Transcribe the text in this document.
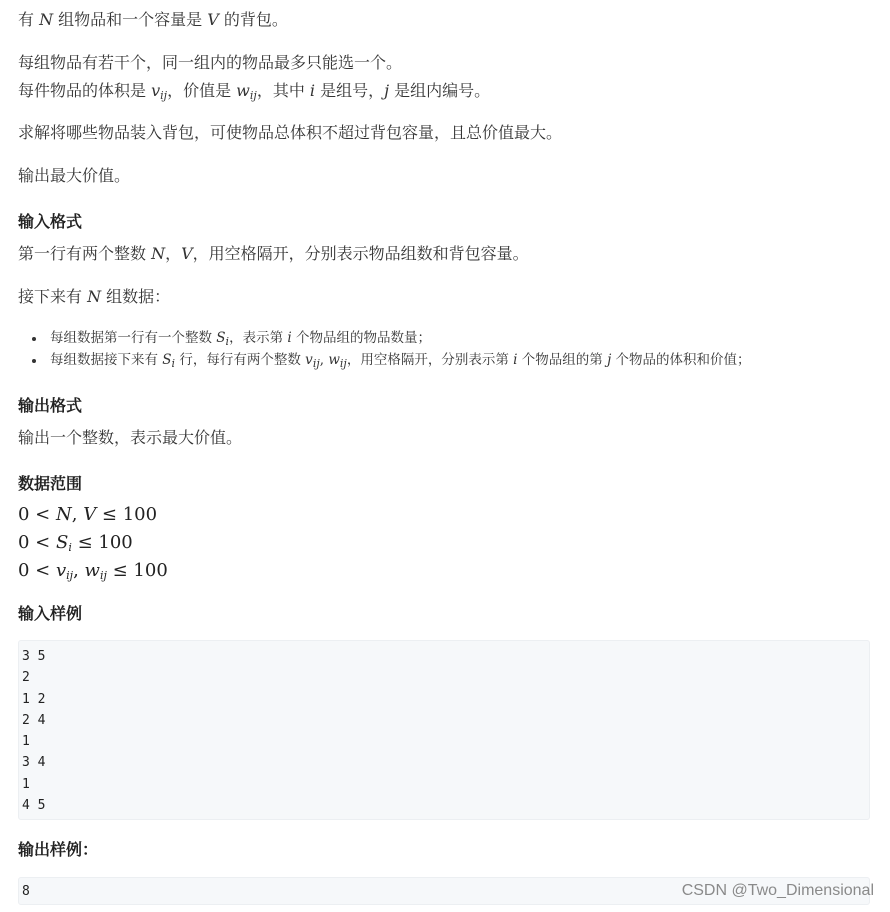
有 N 组物品和一个容量是 V 的背包。

每组物品有若干个，同一组内的物品最多只能选一个。

每件物品的体积是 $v_{ij}$，价值是 $w_{ij}$，其中 i 是组号，j 是组内编号。

求解将哪些物品装入背包，可使物品总体积不超过背包容量，且总价值最大。

输出最大价值。

输入格式

第一行有两个整数 N，V，用空格隔开，分别表示物品组数和背包容量。

接下来有 N 组数据：

每组数据第一行有一个整数 $S_i$，表示第 i 个物品组的物品数量；
每组数据接下来有 $S_i$ 行，每行有两个整数 $v_{ij}$, $w_{ij}$，用空格隔开，分别表示第 i 个物品组的第 j 个物品的体积和价值；

输出格式

输出一个整数，表示最大价值。

数据范围

0 < N, V ≤ 100

$0 < S_i \le 100$

$0 < v_{ij}$, $w_{ij} \le 100$

输入样例

3 5

2

1 2

2 4

1

3 4

1

4 5

输出样例：

8	CSDN @Two_Dimensional
